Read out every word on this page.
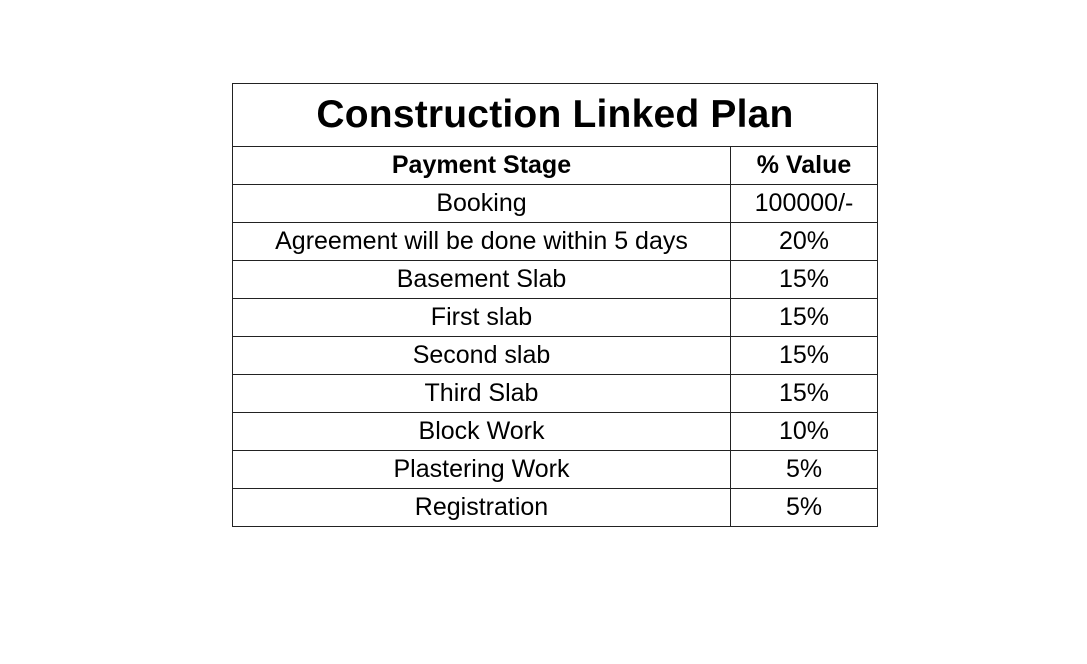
Construction Linked Plan	
Payment Stage	% Value
Booking	100000/-
Agreement will be done within 5 days	20%
Basement Slab	15%
First slab	15%
Second slab	15%
Third Slab	15%
Block Work	10%
Plastering Work	5%
Registration	5%
